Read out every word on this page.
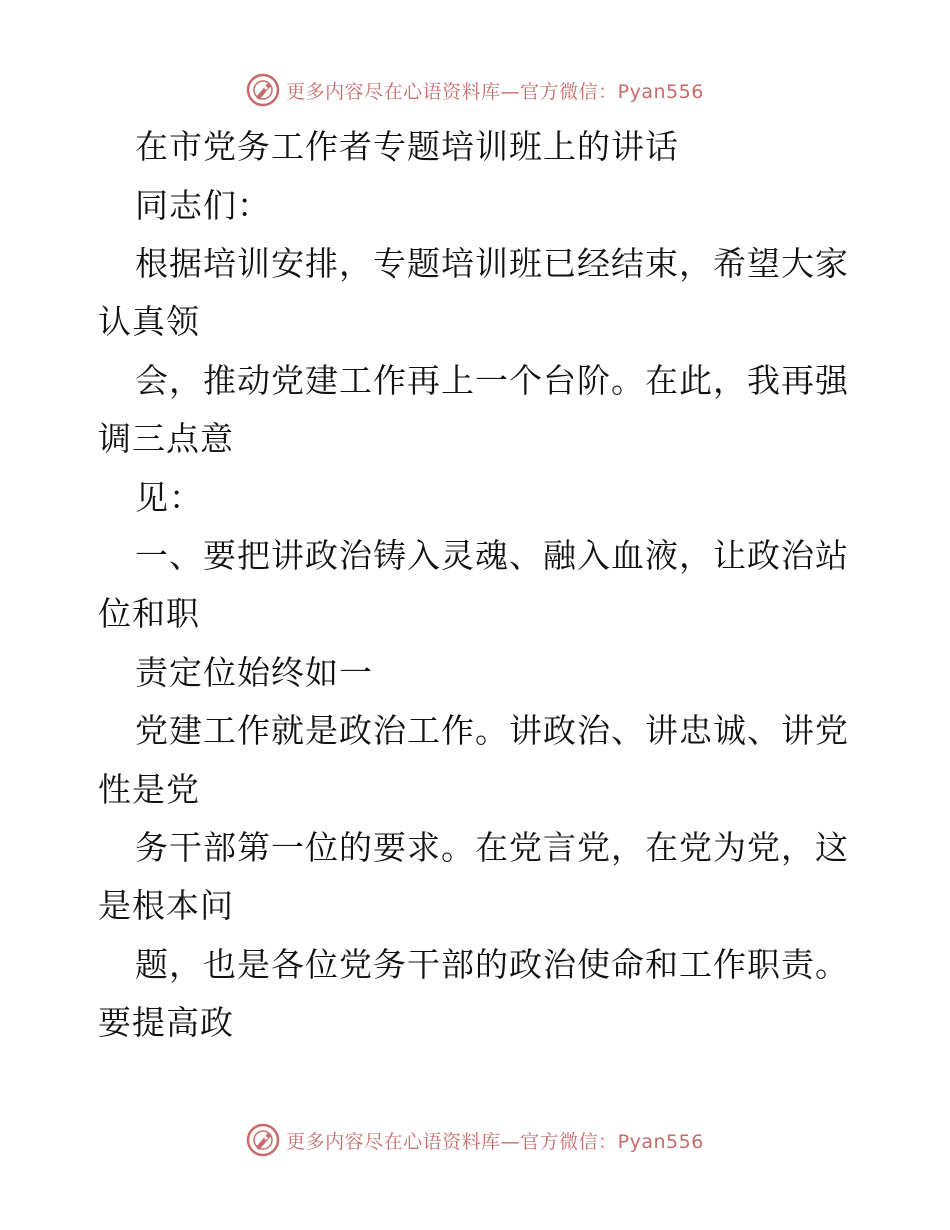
更多内容尽在心语资料库—官方微信：Pyan556
在市党务工作者专题培训班上的讲话
同志们：
根据培训安排，专题培训班已经结束，希望大家
认真领
会，推动党建工作再上一个台阶。在此，我再强
调三点意
见：
一、要把讲政治铸入灵魂、融入血液，让政治站
位和职
责定位始终如一
党建工作就是政治工作。讲政治、讲忠诚、讲党
性是党
务干部第一位的要求。在党言党，在党为党，这
是根本问
题，也是各位党务干部的政治使命和工作职责。
要提高政
更多内容尽在心语资料库—官方微信：Pyan556
